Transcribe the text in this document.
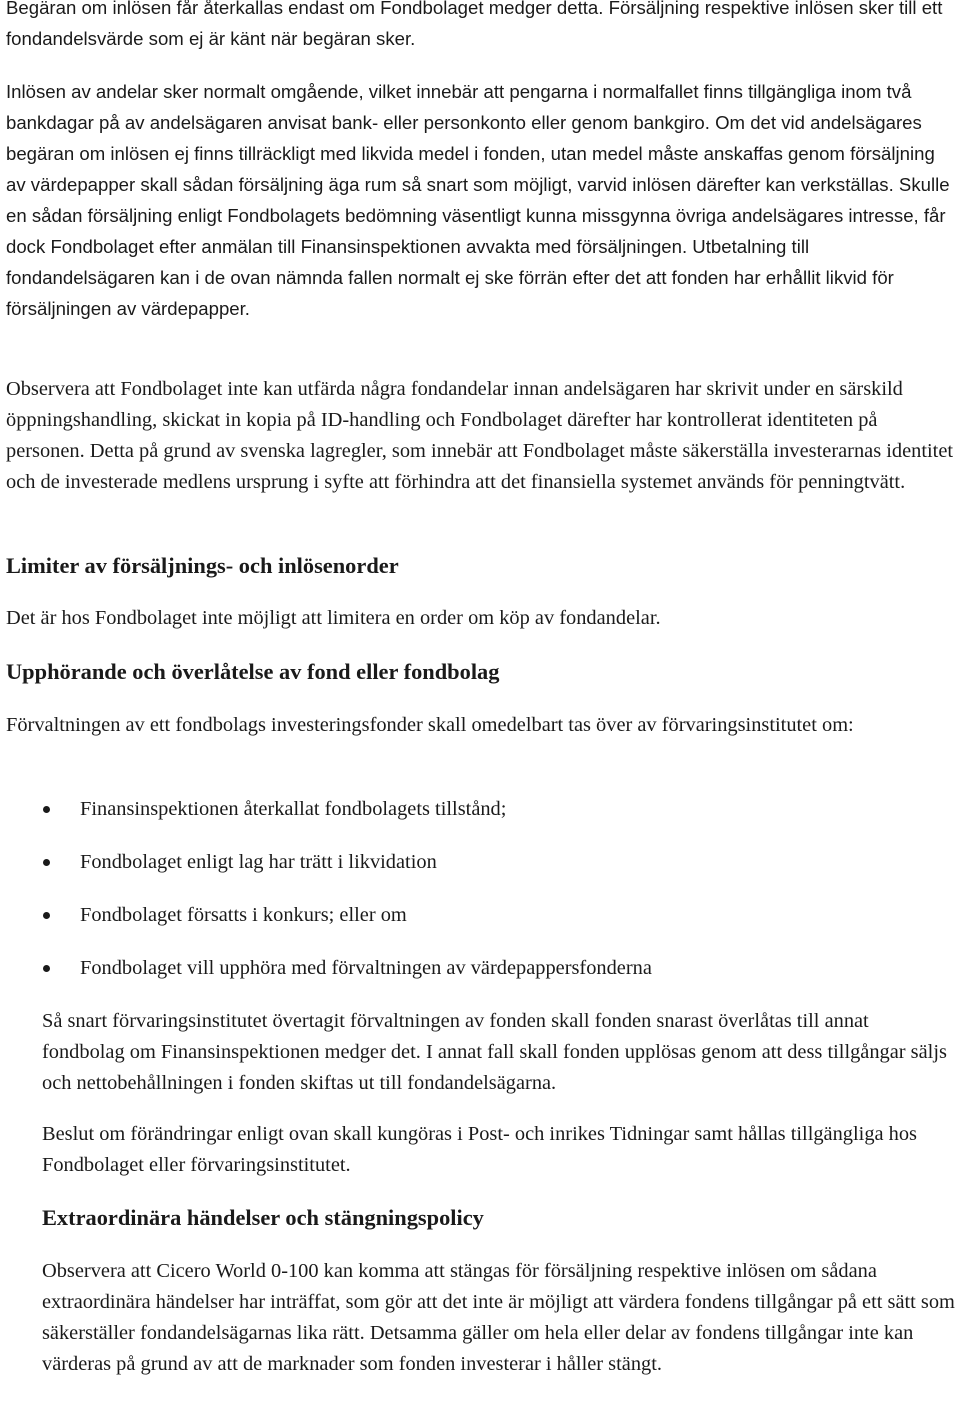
Begäran om inlösen får återkallas endast om Fondbolaget medger detta. Försäljning respektive inlösen sker till ett fondandelsvärde som ej är känt när begäran sker.

Inlösen av andelar sker normalt omgående, vilket innebär att pengarna i normalfallet finns tillgängliga inom två bankdagar på av andelsägaren anvisat bank- eller personkonto eller genom bankgiro. Om det vid andelsägares begäran om inlösen ej finns tillräckligt med likvida medel i fonden, utan medel måste anskaffas genom försäljning av värdepapper skall sådan försäljning äga rum så snart som möjligt, varvid inlösen därefter kan verkställas. Skulle en sådan försäljning enligt Fondbolagets bedömning väsentligt kunna missgynna övriga andelsägares intresse, får dock Fondbolaget efter anmälan till Finansinspektionen avvakta med försäljningen. Utbetalning till fondandelsägaren kan i de ovan nämnda fallen normalt ej ske förrän efter det att fonden har erhållit likvid för försäljningen av värdepapper.

Observera att Fondbolaget inte kan utfärda några fondandelar innan andelsägaren har skrivit under en särskild öppningshandling, skickat in kopia på ID-handling och Fondbolaget därefter har kontrollerat identiteten på personen. Detta på grund av svenska lagregler, som innebär att Fondbolaget måste säkerställa investerarnas identitet och de investerade medlens ursprung i syfte att förhindra att det finansiella systemet används för penningtvätt.

Limiter av försäljnings- och inlösenorder

Det är hos Fondbolaget inte möjligt att limitera en order om köp av fondandelar.

Upphörande och överlåtelse av fond eller fondbolag

Förvaltningen av ett fondbolags investeringsfonder skall omedelbart tas över av förvaringsinstitutet om:

Finansinspektionen återkallat fondbolagets tillstånd;
Fondbolaget enligt lag har trätt i likvidation
Fondbolaget försatts i konkurs; eller om
Fondbolaget vill upphöra med förvaltningen av värdepappersfonderna

Så snart förvaringsinstitutet övertagit förvaltningen av fonden skall fonden snarast överlåtas till annat fondbolag om Finansinspektionen medger det. I annat fall skall fonden upplösas genom att dess tillgångar säljs och nettobehållningen i fonden skiftas ut till fondandelsägarna.

Beslut om förändringar enligt ovan skall kungöras i Post- och inrikes Tidningar samt hållas tillgängliga hos Fondbolaget eller förvaringsinstitutet.

Extraordinära händelser och stängningspolicy

Observera att Cicero World 0-100 kan komma att stängas för försäljning respektive inlösen om sådana extraordinära händelser har inträffat, som gör att det inte är möjligt att värdera fondens tillgångar på ett sätt som säkerställer fondandelsägarnas lika rätt. Detsamma gäller om hela eller delar av fondens tillgångar inte kan värderas på grund av att de marknader som fonden investerar i håller stängt.
